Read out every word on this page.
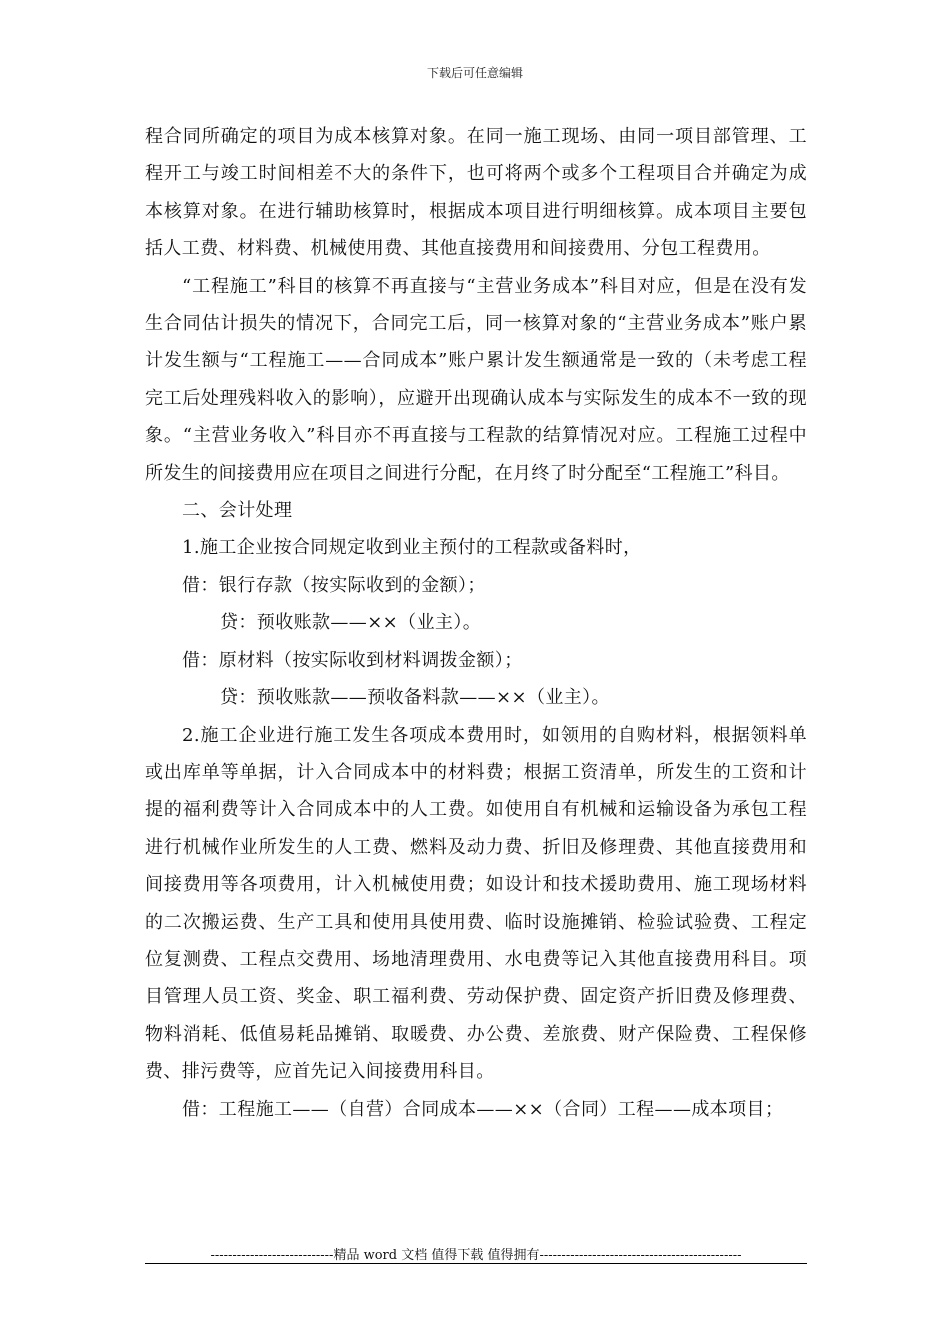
下载后可任意编辑

程合同所确定的项目为成本核算对象。在同一施工现场、由同一项目部管理、工程开工与竣工时间相差不大的条件下，也可将两个或多个工程项目合并确定为成本核算对象。在进行辅助核算时，根据成本项目进行明细核算。成本项目主要包括人工费、材料费、机械使用费、其他直接费用和间接费用、分包工程费用。

“工程施工”科目的核算不再直接与“主营业务成本”科目对应，但是在没有发生合同估计损失的情况下，合同完工后，同一核算对象的“主营业务成本”账户累计发生额与“工程施工——合同成本”账户累计发生额通常是一致的（未考虑工程完工后处理残料收入的影响），应避开出现确认成本与实际发生的成本不一致的现象。“主营业务收入”科目亦不再直接与工程款的结算情况对应。工程施工过程中所发生的间接费用应在项目之间进行分配，在月终了时分配至“工程施工”科目。

二、会计处理

1.施工企业按合同规定收到业主预付的工程款或备料时，

借：银行存款（按实际收到的金额）；

贷：预收账款——××（业主）。

借：原材料（按实际收到材料调拨金额）；

贷：预收账款——预收备料款——××（业主）。

2.施工企业进行施工发生各项成本费用时，如领用的自购材料，根据领料单或出库单等单据，计入合同成本中的材料费；根据工资清单，所发生的工资和计提的福利费等计入合同成本中的人工费。如使用自有机械和运输设备为承包工程进行机械作业所发生的人工费、燃料及动力费、折旧及修理费、其他直接费用和间接费用等各项费用，计入机械使用费；如设计和技术援助费用、施工现场材料的二次搬运费、生产工具和使用具使用费、临时设施摊销、检验试验费、工程定位复测费、工程点交费用、场地清理费用、水电费等记入其他直接费用科目。项目管理人员工资、奖金、职工福利费、劳动保护费、固定资产折旧费及修理费、物料消耗、低值易耗品摊销、取暖费、办公费、差旅费、财产保险费、工程保修费、排污费等，应首先记入间接费用科目。

借：工程施工——（自营）合同成本——××（合同）工程——成本项目；

----------------------------精品 word 文档 值得下载 值得拥有----------------------------------------------
